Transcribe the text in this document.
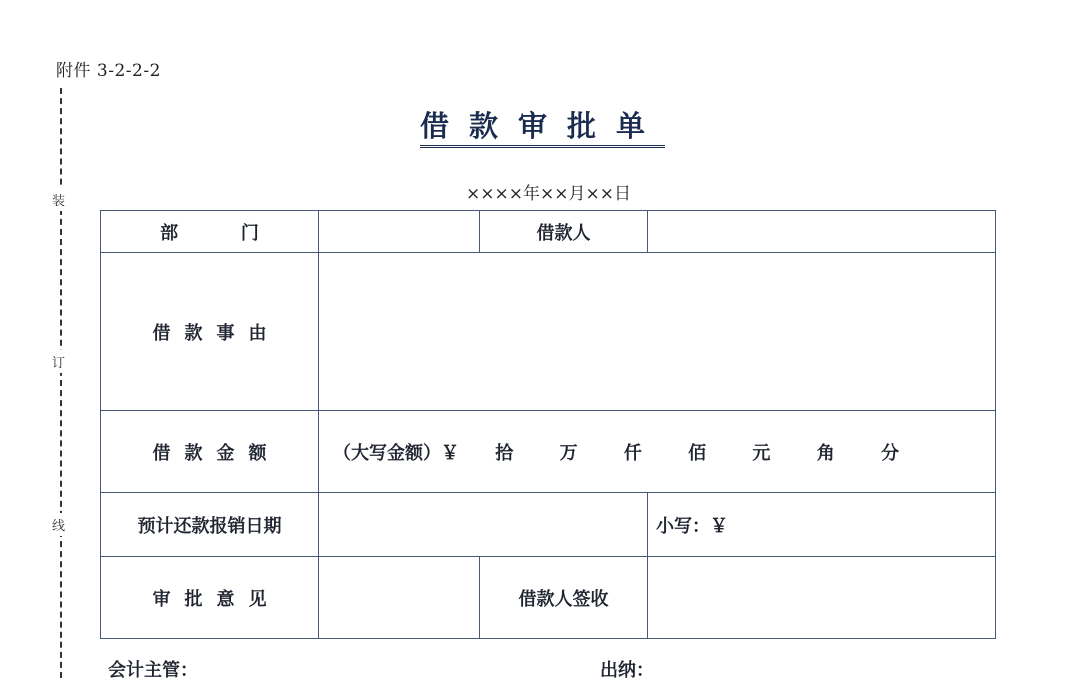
附件 3-2-2-2
装
订
线
借款审批单
××××年××月××日
部          门		借款人	
借款事由			
借款金额	（大写金额）￥ 拾 万 仟 佰 元 角 分		
预计还款报销日期			小写：￥
审批意见		借款人签收	
会计主管：	出纳：
